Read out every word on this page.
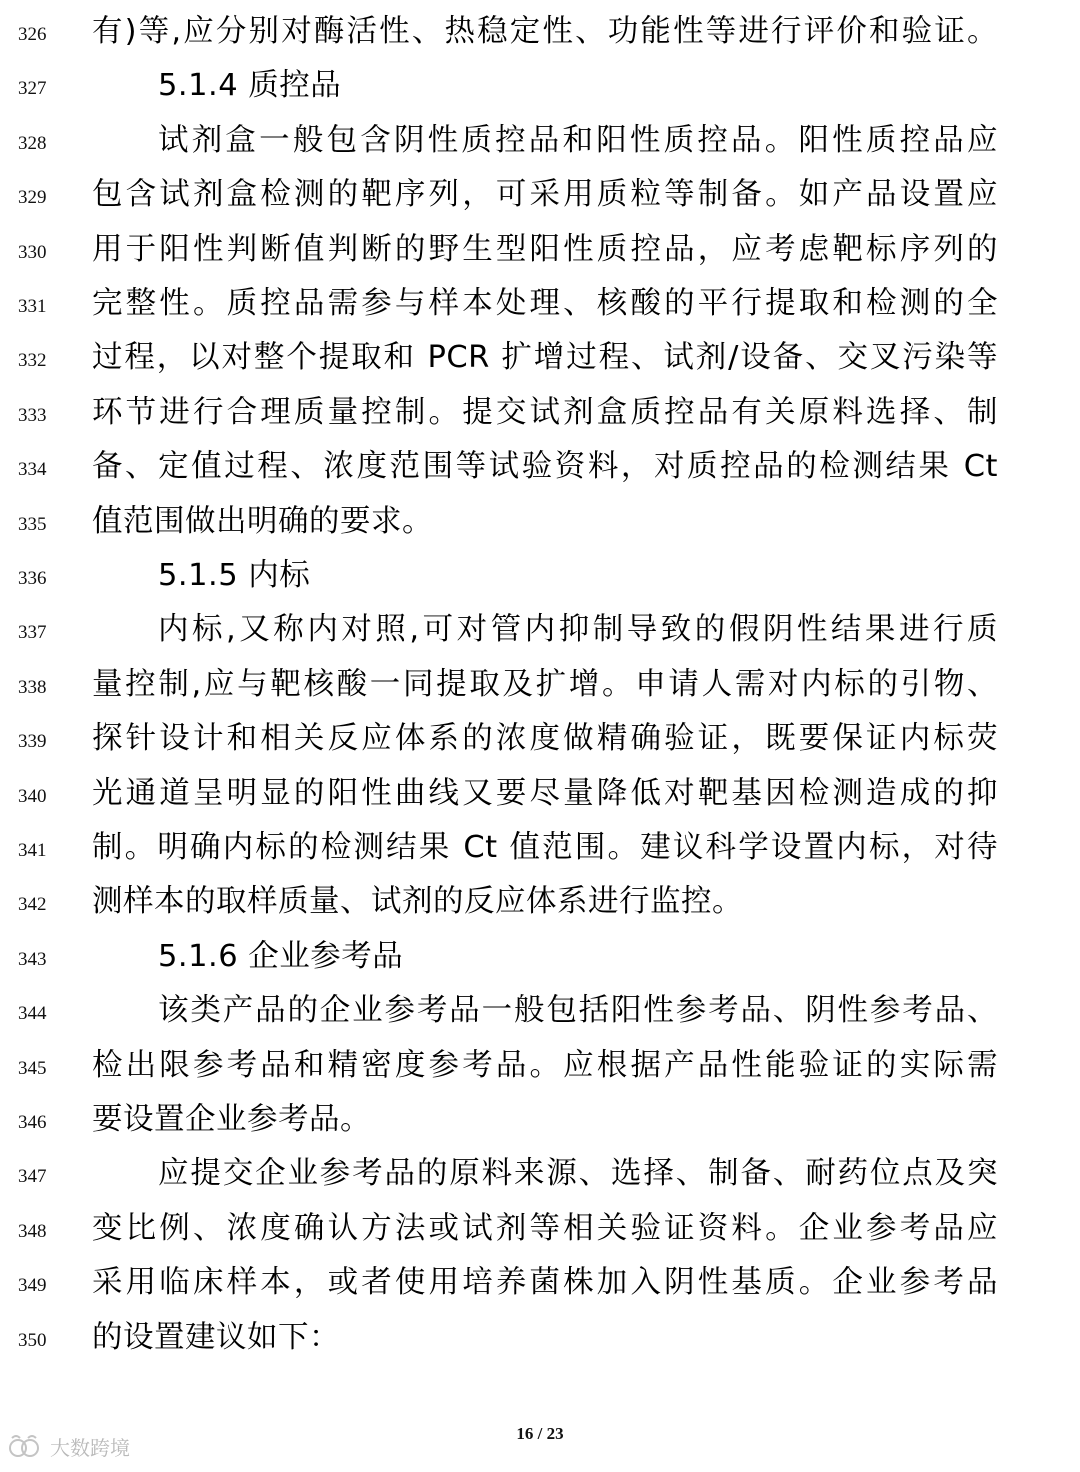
326	有)等,应分别对酶活性、热稳定性、功能性等进行评价和验证。
327	5.1.4 质控品
328	试剂盒一般包含阴性质控品和阳性质控品。阳性质控品应
329	包含试剂盒检测的靶序列，可采用质粒等制备。如产品设置应
330	用于阳性判断值判断的野生型阳性质控品，应考虑靶标序列的
331	完整性。质控品需参与样本处理、核酸的平行提取和检测的全
332	过程，以对整个提取和 PCR 扩增过程、试剂/设备、交叉污染等
333	环节进行合理质量控制。提交试剂盒质控品有关原料选择、制
334	备、定值过程、浓度范围等试验资料，对质控品的检测结果 Ct
335	值范围做出明确的要求。
336	5.1.5 内标
337	内标,又称内对照,可对管内抑制导致的假阴性结果进行质
338	量控制,应与靶核酸一同提取及扩增。申请人需对内标的引物、
339	探针设计和相关反应体系的浓度做精确验证，既要保证内标荧
340	光通道呈明显的阳性曲线又要尽量降低对靶基因检测造成的抑
341	制。明确内标的检测结果 Ct 值范围。建议科学设置内标，对待
342	测样本的取样质量、试剂的反应体系进行监控。
343	5.1.6 企业参考品
344	该类产品的企业参考品一般包括阳性参考品、阴性参考品、
345	检出限参考品和精密度参考品。应根据产品性能验证的实际需
346	要设置企业参考品。
347	应提交企业参考品的原料来源、选择、制备、耐药位点及突
348	变比例、浓度确认方法或试剂等相关验证资料。企业参考品应
349	采用临床样本，或者使用培养菌株加入阴性基质。企业参考品
350	的设置建议如下：
16 / 23
大数跨境
